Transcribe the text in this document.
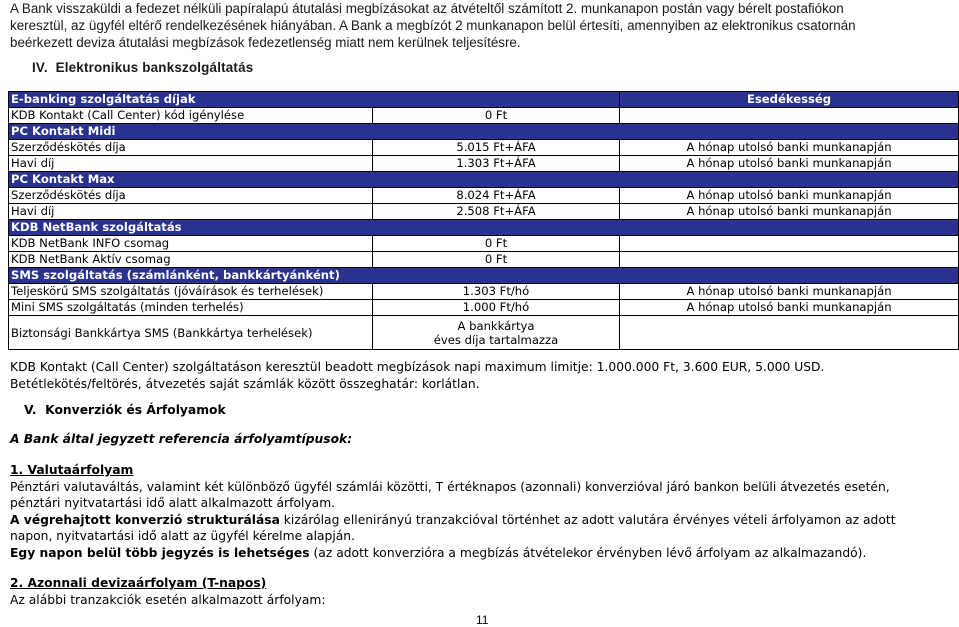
A Bank visszaküldi a fedezet nélküli papíralapú átutalási megbízásokat az átvételtől számított 2. munkanapon postán vagy bérelt postafiókon
keresztül, az ügyfél eltérő rendelkezésének hiányában. A Bank a megbízót 2 munkanapon belül értesíti, amennyiben az elektronikus csatornán
beérkezett deviza átutalási megbízások fedezetlenség miatt nem kerülnek teljesítésre.
IV. Elektronikus bankszolgáltatás
E-banking szolgáltatás díjak		Esedékesség
KDB Kontakt (Call Center) kód igénylése	0 Ft	
PC Kontakt Midi		
Szerződéskötés díja	5.015 Ft+ÁFA	A hónap utolsó banki munkanapján
Havi díj	1.303 Ft+ÁFA	A hónap utolsó banki munkanapján
PC Kontakt Max		
Szerződéskötés díja	8.024 Ft+ÁFA	A hónap utolsó banki munkanapján
Havi díj	2.508 Ft+ÁFA	A hónap utolsó banki munkanapján
KDB NetBank szolgáltatás		
KDB NetBank INFO csomag	0 Ft	
KDB NetBank Aktív csomag	0 Ft	
SMS szolgáltatás (számlánként, bankkártyánként)		
Teljeskörű SMS szolgáltatás (jóváírások és terhelések)	1.303 Ft/hó	A hónap utolsó banki munkanapján
Mini SMS szolgáltatás (minden terhelés)	1.000 Ft/hó	A hónap utolsó banki munkanapján
Biztonsági Bankkártya SMS (Bankkártya terhelések)	A bankkártya
éves díja tartalmazza	

KDB Kontakt (Call Center) szolgáltatáson keresztül beadott megbízások napi maximum limitje: 1.000.000 Ft, 3.600 EUR, 5.000 USD.
Betétlekötés/feltörés, átvezetés saját számlák között összeghatár: korlátlan.
V. Konverziók és Árfolyamok
A Bank által jegyzett referencia árfolyamtípusok:
1. Valutaárfolyam
Pénztári valutaváltás, valamint két különböző ügyfél számlái közötti, T értéknapos (azonnali) konverzióval járó bankon belüli átvezetés esetén,
pénztári nyitvatartási idő alatt alkalmazott árfolyam.
A végrehajtott konverzió strukturálása kizárólag ellenirányú tranzakcióval történhet az adott valutára érvényes vételi árfolyamon az adott
napon, nyitvatartási idő alatt az ügyfél kérelme alapján.
Egy napon belül több jegyzés is lehetséges (az adott konverzióra a megbízás átvételekor érvényben lévő árfolyam az alkalmazandó).
2. Azonnali devizaárfolyam (T-napos)
Az alábbi tranzakciók esetén alkalmazott árfolyam:
11
